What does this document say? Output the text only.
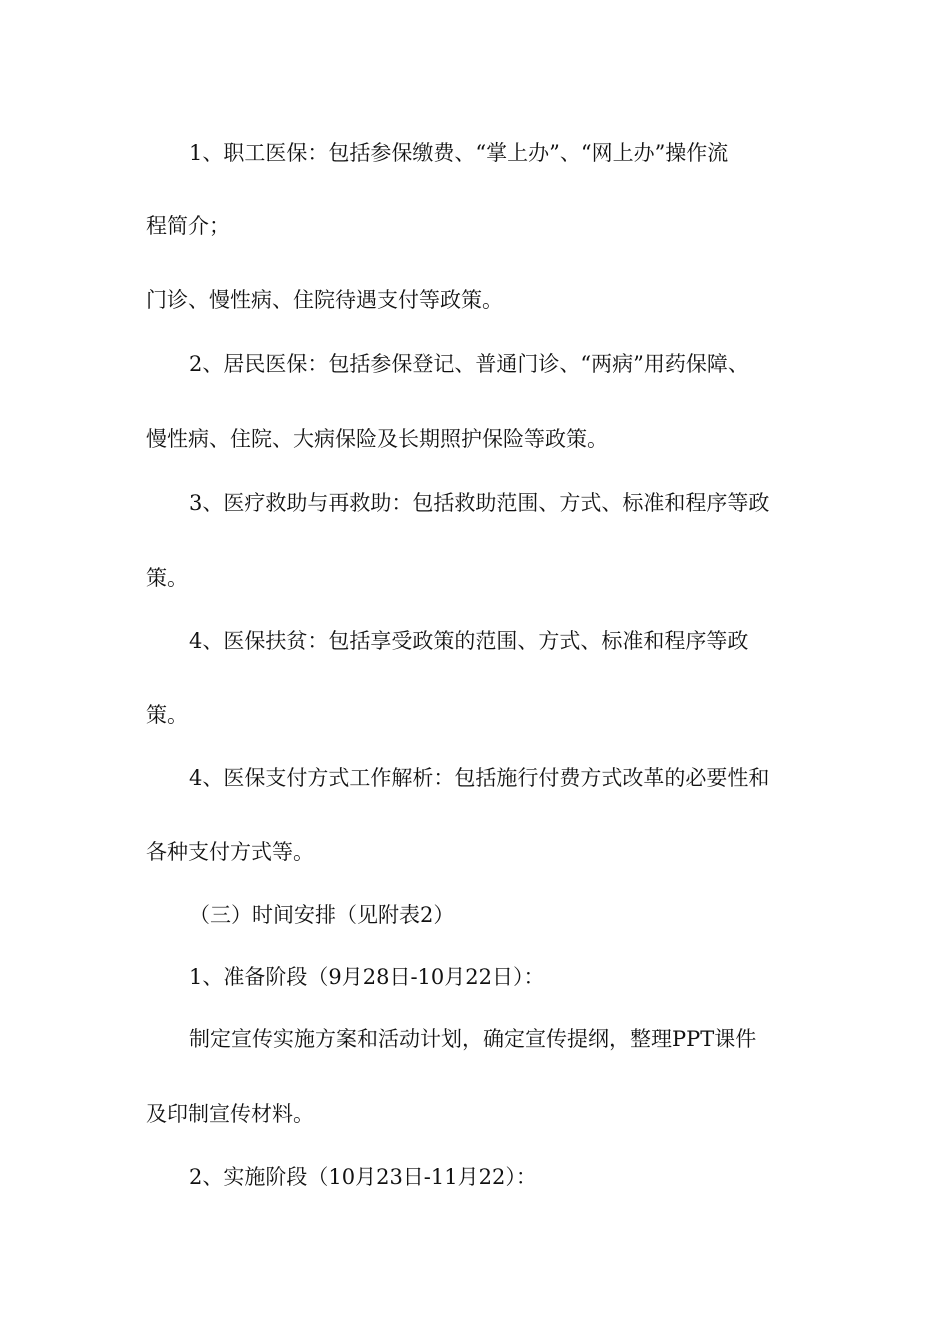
1、职工医保：包括参保缴费、“掌上办”、“网上办”操作流

程简介；

门诊、慢性病、住院待遇支付等政策。

2、居民医保：包括参保登记、普通门诊、“两病”用药保障、

慢性病、住院、大病保险及长期照护保险等政策。

3、医疗救助与再救助：包括救助范围、方式、标准和程序等政

策。

4、医保扶贫：包括享受政策的范围、方式、标准和程序等政

策。

4、医保支付方式工作解析：包括施行付费方式改革的必要性和

各种支付方式等。

（三）时间安排（见附表2）

1、准备阶段（9月28日-10月22日）：

制定宣传实施方案和活动计划，确定宣传提纲，整理PPT课件

及印制宣传材料。

2、实施阶段（10月23日-11月22）：
